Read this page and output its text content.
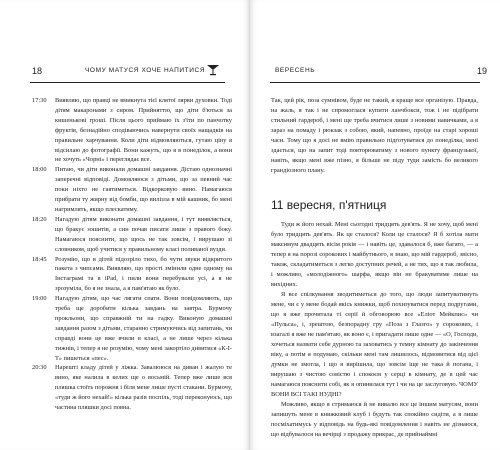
18	ЧОМУ МАТУСЯ ХОЧЕ НАПИТИСЯ
17:30	Виявляю, що правці не вмикнута тієї клятої лярви духовки. Тоді дітям макаронами з сиром. Прийняттю, що діти б'ються за кишенькові гроші. Після цього приймаю їх з'їти по панчотку фруктів, безнадійно сподіваючись навернути своїх нащадків на правильне харчування. Коли діти відмовляються, гутаю ціну я відсилаю до фотографії. Вони кажуть, що я в понеділок, а вони не хочуть «Чорні» і переглядає все.
18:00	Питаю, чи діти виконали домашні завдання. Дістаю однозначні заперечні відповіді. Домовляюся з дітьми, що за певний час поки ніхто не гаятиметься. Відкорковую вино. Намагаюся прибрати ту жирну від бомби, що вилізла в мій кашник, бо мені нагримлять, якщо плескатиму.
18:20	Нагадую дітям виконати домашні завдання, і тут виявляється, що бракує зошитів, а син почав писати лише з правого боку. Намагаюся пояснити, що щось не так зовсім, і вирушаю зі словником, щоб учитися у правильному класі поливаної вузди.
18:45	Розумію, що в дітей підозріло тихо, бо чути звуки відкритого пакета з чипсами. Виявляю, що прості змінили одне одному на Інстаграмі та в iPad, і пили вони перебували усі, а я не зрозуміла, бо я не знала, а я пам'ятаю як було.
19:00	Нагадую дітям, що час лягати спати. Вони повідомляють, що треба ще доробити кілька завдань на завтра. Бурмочу прокльони, що справжній ти на гадку. Виконую домашні завдання разом з дітьми, старанно стримуючись від запитань, чи справді вони це вже вчили в класі, а не лише через кілька тижнів, і тепер я не розумію, чому мені закортіло дивитися «К-І-Т» пишеться «пес».
20:30	Нарешті кладу дітей у ліжка. Завалююся на диван і жалую те вино, яке налила в келих ще о восьмій. Тепер вже лише вся пляшка стоїть порожня і біля мене лише пусті стакани. Бурмочу, «туди ж його нехай!» кілька разів поспіль, тоді переконуюсь, що частина пляшки досі повна.
ВЕРЕСЕНЬ	19

Так, цей рік, поза сумнівом, буде не такий, я краще все організую. Правда, на жаль, я так і не спромоглася купити ланчбокси, тож і не підібрати стильний гардероб, і мені ще треба вчитися лише з новими навичками, а я зараз на помаду і рюкзак з собою, який, напевно, проїде на старі хороші часи. Тому що я досі не вмію правильно підготуватися до понеділка, мені здається, що на запит тоді повторюватиму з нового пункту французької, навіть, якщо мені вже пізно, я більше не піду туди замість бо великого грандіозного плану.

11 вересня, п'ятниця

Туди ж його нехай. Мені сьогодні тридцять дев'ять. Я не хочу, щоб мені було тридцять дев'ять. Як це сталося? Коли це сталося? Я б хотіла мати максимум двадцять вісім років — і навіть це, здавалося б, вже багато, — а тепер я на порозі сорокових і майбутнього, я знаю, що мій гардероб, звісно, також, складатиметься з легко доступних речей, а не тих, що я так любила, і можливо, «молодіжного» шарфа, якщо він не бракуватиме лише на вихідних.

Я все спілкування зводитиметься до того, що люди запитуватимуть мене, чи є у мене бодай якісь книжки, щоб похизуватися перед подругами, що я вже прочитала ті серії й обговорюю все «Еліот Мейкпис» чи «Пульса», і, зрештою, безпорадну гру «Поза з Глазго» у сорокових, і взагалі я вже не пам'ятаю, як воно є, і пригадати лише одне — «О, Господи, хочеться назвати себе дурною та заховатись у темну кімнату до закінчення віку, а потім я подумаю, скільки мені там лишилось, відмовитися від цієї думки не змогла, і що я вирішила, що зовсім іще не така й погана, і вирушаю з чистою совістю і спокоєм у серці в кімнату, де в цей час намагаюся пояснити собі, як я опинилася тут і чи на це заслуговую. ЧОМУ ВОНИ ВСІ ТАКІ НУДНІ?

Можливо, якщо я стримаюся й не вивалю все це іншим матусям, вони запишуть мене в книжковий клуб і будуть так спокійно сидіти, а я лише посміхатимусь у відповідь на будь-які повідомлення і навіть не дізнаюся, що відбувалося на вечірці з продажу прикрас, де прийнаймні
